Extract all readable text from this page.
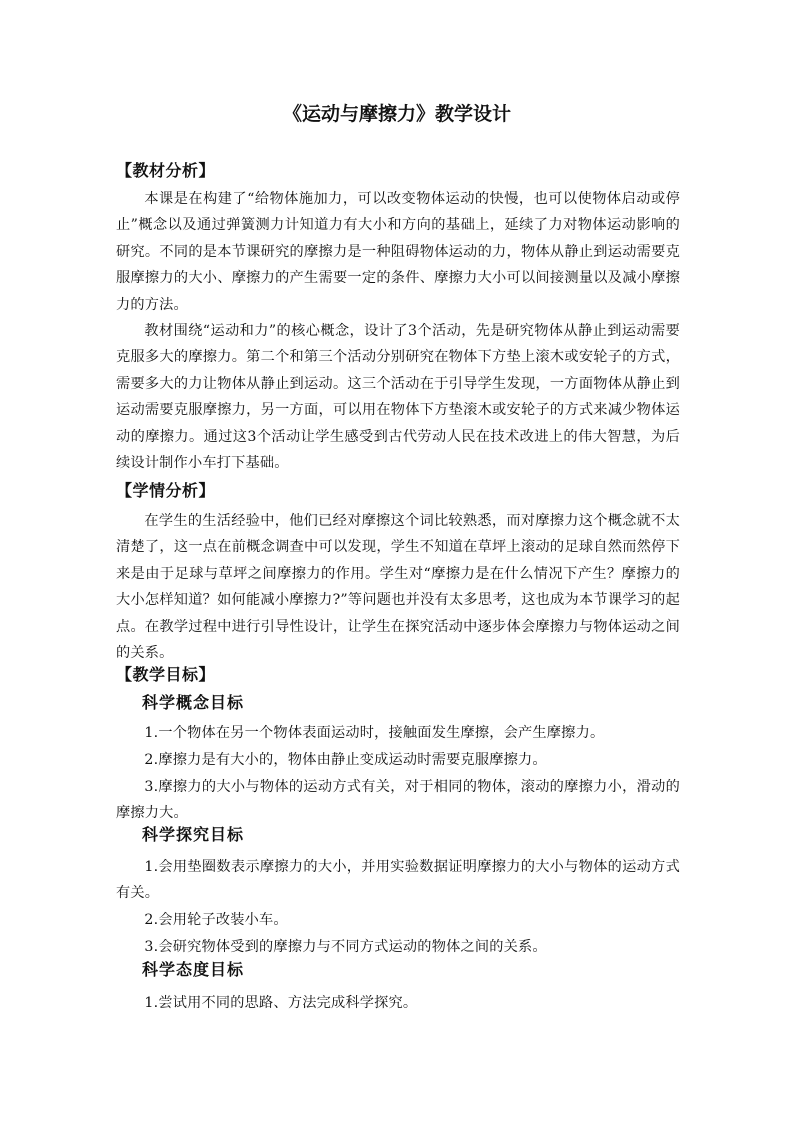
《运动与摩擦力》教学设计
【教材分析】

本课是在构建了“给物体施加力，可以改变物体运动的快慢，也可以使物体启动或停止”概念以及通过弹簧测力计知道力有大小和方向的基础上，延续了力对物体运动影响的研究。不同的是本节课研究的摩擦力是一种阻碍物体运动的力，物体从静止到运动需要克服摩擦力的大小、摩擦力的产生需要一定的条件、摩擦力大小可以间接测量以及减小摩擦力的方法。

教材围绕“运动和力”的核心概念，设计了3个活动，先是研究物体从静止到运动需要克服多大的摩擦力。第二个和第三个活动分别研究在物体下方垫上滚木或安轮子的方式，需要多大的力让物体从静止到运动。这三个活动在于引导学生发现，一方面物体从静止到运动需要克服摩擦力，另一方面，可以用在物体下方垫滚木或安轮子的方式来减少物体运动的摩擦力。通过这3个活动让学生感受到古代劳动人民在技术改进上的伟大智慧，为后续设计制作小车打下基础。

【学情分析】

在学生的生活经验中，他们已经对摩擦这个词比较熟悉，而对摩擦力这个概念就不太清楚了，这一点在前概念调查中可以发现，学生不知道在草坪上滚动的足球自然而然停下来是由于足球与草坪之间摩擦力的作用。学生对“摩擦力是在什么情况下产生？摩擦力的大小怎样知道？如何能减小摩擦力?”等问题也并没有太多思考，这也成为本节课学习的起点。在教学过程中进行引导性设计，让学生在探究活动中逐步体会摩擦力与物体运动之间的关系。

【教学目标】
科学概念目标

1.一个物体在另一个物体表面运动时，接触面发生摩擦，会产生摩擦力。

2.摩擦力是有大小的，物体由静止变成运动时需要克服摩擦力。

3.摩擦力的大小与物体的运动方式有关，对于相同的物体，滚动的摩擦力小，滑动的摩擦力大。

科学探究目标

1.会用垫圈数表示摩擦力的大小，并用实验数据证明摩擦力的大小与物体的运动方式有关。

2.会用轮子改装小车。

3.会研究物体受到的摩擦力与不同方式运动的物体之间的关系。

科学态度目标

1.尝试用不同的思路、方法完成科学探究。
